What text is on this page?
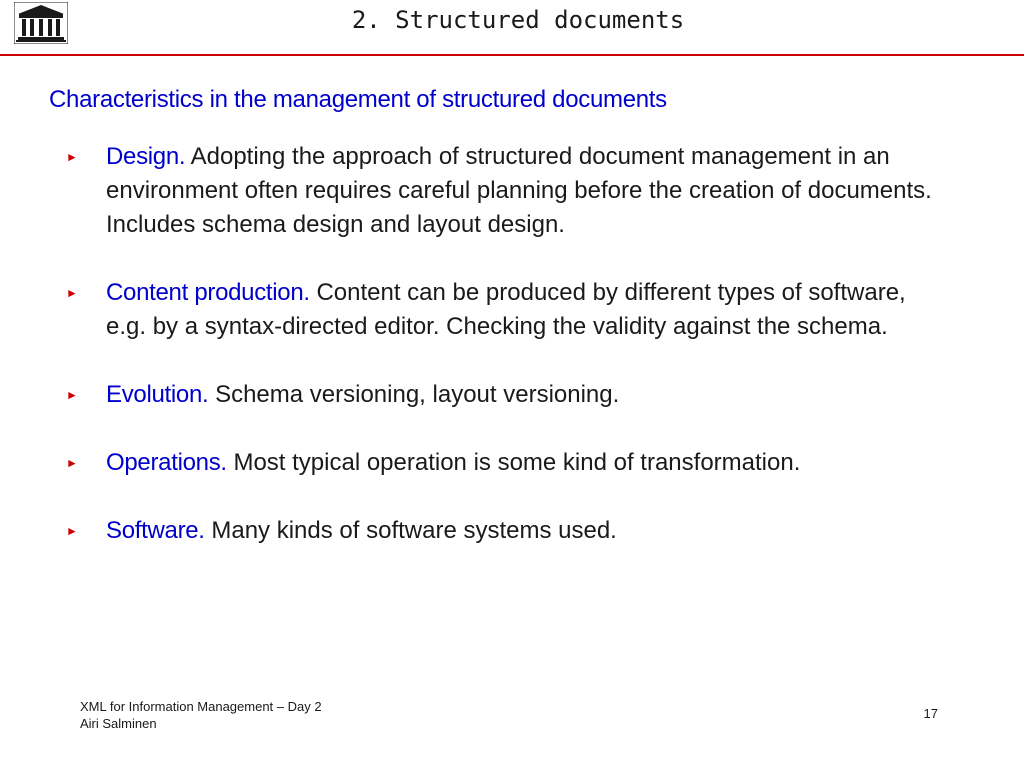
2. Structured documents
Characteristics in the management of structured documents
► Design. Adopting the approach of structured document management in an environment often requires careful planning before the creation of documents. Includes schema design and layout design.
► Content production. Content can be produced by different types of software, e.g. by a syntax-directed editor. Checking the validity against the schema.
► Evolution. Schema versioning, layout versioning.
► Operations. Most typical operation is some kind of transformation.
► Software. Many kinds of software systems used.
XML for Information Management – Day 2
Airi Salminen
17
